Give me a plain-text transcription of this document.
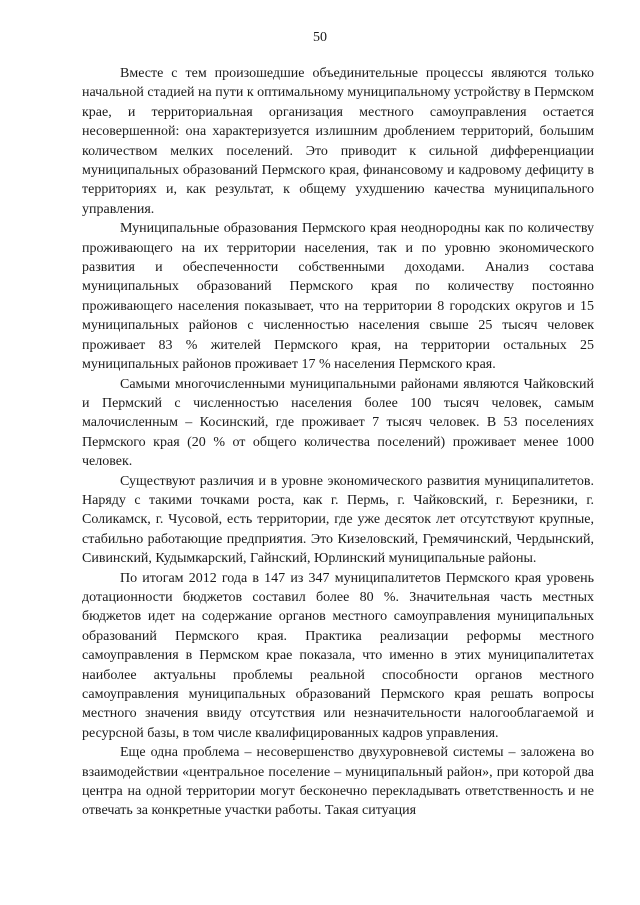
50

Вместе с тем произошедшие объединительные процессы являются только начальной стадией на пути к оптимальному муниципальному устройству в Пермском крае, и территориальная организация местного самоуправления остается несовершенной: она характеризуется излишним дроблением территорий, большим количеством мелких поселений. Это приводит к сильной дифференциации муниципальных образований Пермского края, финансовому и кадровому дефициту в территориях и, как результат, к общему ухудшению качества муниципального управления.

Муниципальные образования Пермского края неоднородны как по количеству проживающего на их территории населения, так и по уровню экономического развития и обеспеченности собственными доходами. Анализ состава муниципальных образований Пермского края по количеству постоянно проживающего населения показывает, что на территории 8 городских округов и 15 муниципальных районов с численностью населения свыше 25 тысяч человек проживает 83 % жителей Пермского края, на территории остальных 25 муниципальных районов проживает 17 % населения Пермского края.

Самыми многочисленными муниципальными районами являются Чайковский и Пермский с численностью населения более 100 тысяч человек, самым малочисленным – Косинский, где проживает 7 тысяч человек. В 53 поселениях Пермского края (20 % от общего количества поселений) проживает менее 1000 человек.

Существуют различия и в уровне экономического развития муниципалитетов. Наряду с такими точками роста, как г. Пермь, г. Чайковский, г. Березники, г. Соликамск, г. Чусовой, есть территории, где уже десяток лет отсутствуют крупные, стабильно работающие предприятия. Это Кизеловский, Гремячинский, Чердынский, Сивинский, Кудымкарский, Гайнский, Юрлинский муниципальные районы.

По итогам 2012 года в 147 из 347 муниципалитетов Пермского края уровень дотационности бюджетов составил более 80 %. Значительная часть местных бюджетов идет на содержание органов местного самоуправления муниципальных образований Пермского края. Практика реализации реформы местного самоуправления в Пермском крае показала, что именно в этих муниципалитетах наиболее актуальны проблемы реальной способности органов местного самоуправления муниципальных образований Пермского края решать вопросы местного значения ввиду отсутствия или незначительности налогооблагаемой и ресурсной базы, в том числе квалифицированных кадров управления.

Еще одна проблема – несовершенство двухуровневой системы – заложена во взаимодействии «центральное поселение – муниципальный район», при которой два центра на одной территории могут бесконечно перекладывать ответственность и не отвечать за конкретные участки работы. Такая ситуация
